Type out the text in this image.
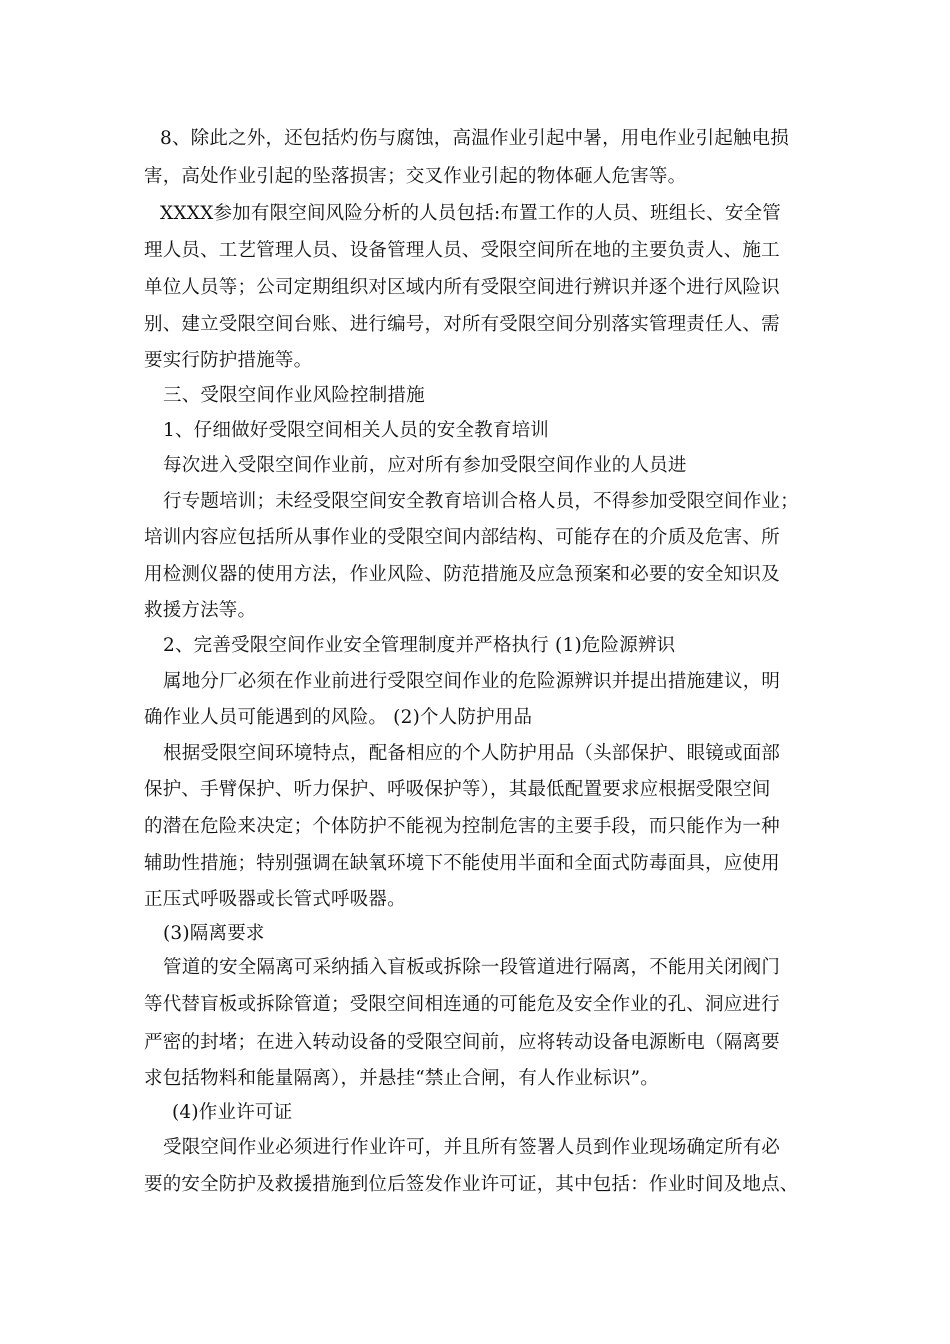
8、除此之外，还包括灼伤与腐蚀，高温作业引起中暑，用电作业引起触电损
害，高处作业引起的坠落损害；交叉作业引起的物体砸人危害等。
XXXX参加有限空间风险分析的人员包括:布置工作的人员、班组长、安全管
理人员、工艺管理人员、设备管理人员、受限空间所在地的主要负责人、施工
单位人员等；公司定期组织对区域内所有受限空间进行辨识并逐个进行风险识
别、建立受限空间台账、进行编号，对所有受限空间分别落实管理责任人、需
要实行防护措施等。
三、受限空间作业风险控制措施
1、仔细做好受限空间相关人员的安全教育培训
每次进入受限空间作业前，应对所有参加受限空间作业的人员进
行专题培训；未经受限空间安全教育培训合格人员，不得参加受限空间作业；
培训内容应包括所从事作业的受限空间内部结构、可能存在的介质及危害、所
用检测仪器的使用方法，作业风险、防范措施及应急预案和必要的安全知识及
救援方法等。
2、完善受限空间作业安全管理制度并严格执行 (1)危险源辨识
属地分厂必须在作业前进行受限空间作业的危险源辨识并提出措施建议，明
确作业人员可能遇到的风险。 (2)个人防护用品
根据受限空间环境特点，配备相应的个人防护用品（头部保护、眼镜或面部
保护、手臂保护、听力保护、呼吸保护等），其最低配置要求应根据受限空间
的潜在危险来决定；个体防护不能视为控制危害的主要手段，而只能作为一种
辅助性措施；特别强调在缺氧环境下不能使用半面和全面式防毒面具，应使用
正压式呼吸器或长管式呼吸器。
(3)隔离要求
管道的安全隔离可采纳插入盲板或拆除一段管道进行隔离，不能用关闭阀门
等代替盲板或拆除管道；受限空间相连通的可能危及安全作业的孔、洞应进行
严密的封堵；在进入转动设备的受限空间前，应将转动设备电源断电（隔离要
求包括物料和能量隔离），并悬挂“禁止合闸，有人作业标识”。
(4)作业许可证
受限空间作业必须进行作业许可，并且所有签署人员到作业现场确定所有必
要的安全防护及救援措施到位后签发作业许可证，其中包括：作业时间及地点、
